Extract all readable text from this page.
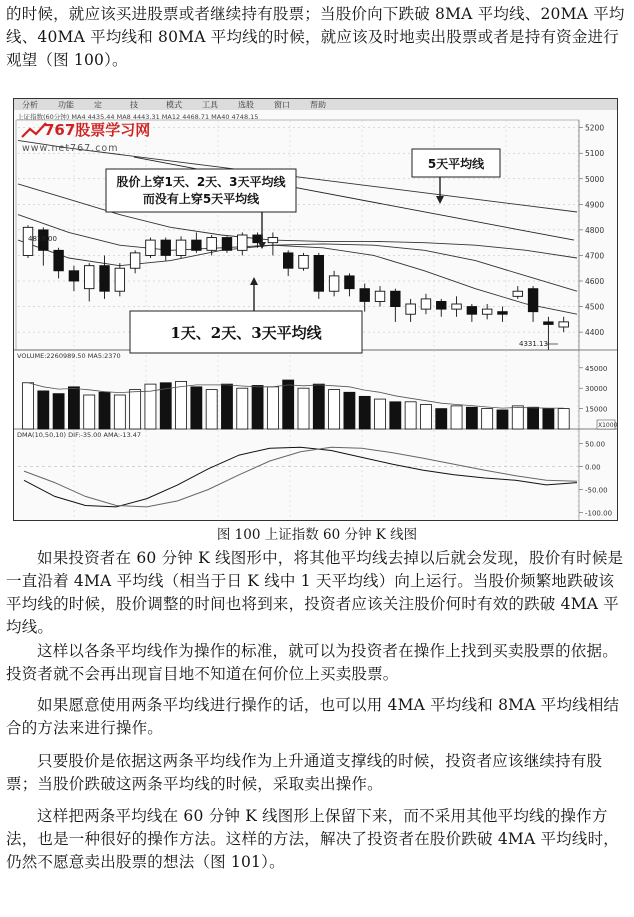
的时候，就应该买进股票或者继续持有股票；当股价向下跌破 8MA 平均线、20MA 平均线、40MA 平均线和 80MA 平均线的时候，就应该及时地卖出股票或者是持有资金进行观望（图 100）。

分析	功能	定	技	模式	工具	选股	窗口	帮助
上证指数(60分钟) MA4 4435.44 MA8 4443.31 MA12 4468.71 MA40 4748.15
5200
5100
5000
4900
4800
4700
4600
4500
4400
45000
30000
15000
50.00
0.00
-50.00
-100.00
767股票学习网
www.net767.com
4818.00
4331.13
股价上穿1天、2天、3天平均线
而没有上穿5天平均线
1天、2天、3天平均线
5天平均线
VOLUME:2260989.50 MA5:2370
DMA(10,50,10) DIF:-35.00 AMA:-13.47
X1000
图 100 上证指数 60 分钟 K 线图

如果投资者在 60 分钟 K 线图形中，将其他平均线去掉以后就会发现，股价有时候是一直沿着 4MA 平均线（相当于日 K 线中 1 天平均线）向上运行。当股价频繁地跌破该平均线的时候，股价调整的时间也将到来，投资者应该关注股价何时有效的跌破 4MA 平均线。

这样以各条平均线作为操作的标准，就可以为投资者在操作上找到买卖股票的依据。投资者就不会再出现盲目地不知道在何价位上买卖股票。

如果愿意使用两条平均线进行操作的话，也可以用 4MA 平均线和 8MA 平均线相结合的方法来进行操作。

只要股价是依据这两条平均线作为上升通道支撑线的时候，投资者应该继续持有股票；当股价跌破这两条平均线的时候，采取卖出操作。

这样把两条平均线在 60 分钟 K 线图形上保留下来，而不采用其他平均线的操作方法，也是一种很好的操作方法。这样的方法，解决了投资者在股价跌破 4MA 平均线时，仍然不愿意卖出股票的想法（图 101）。
